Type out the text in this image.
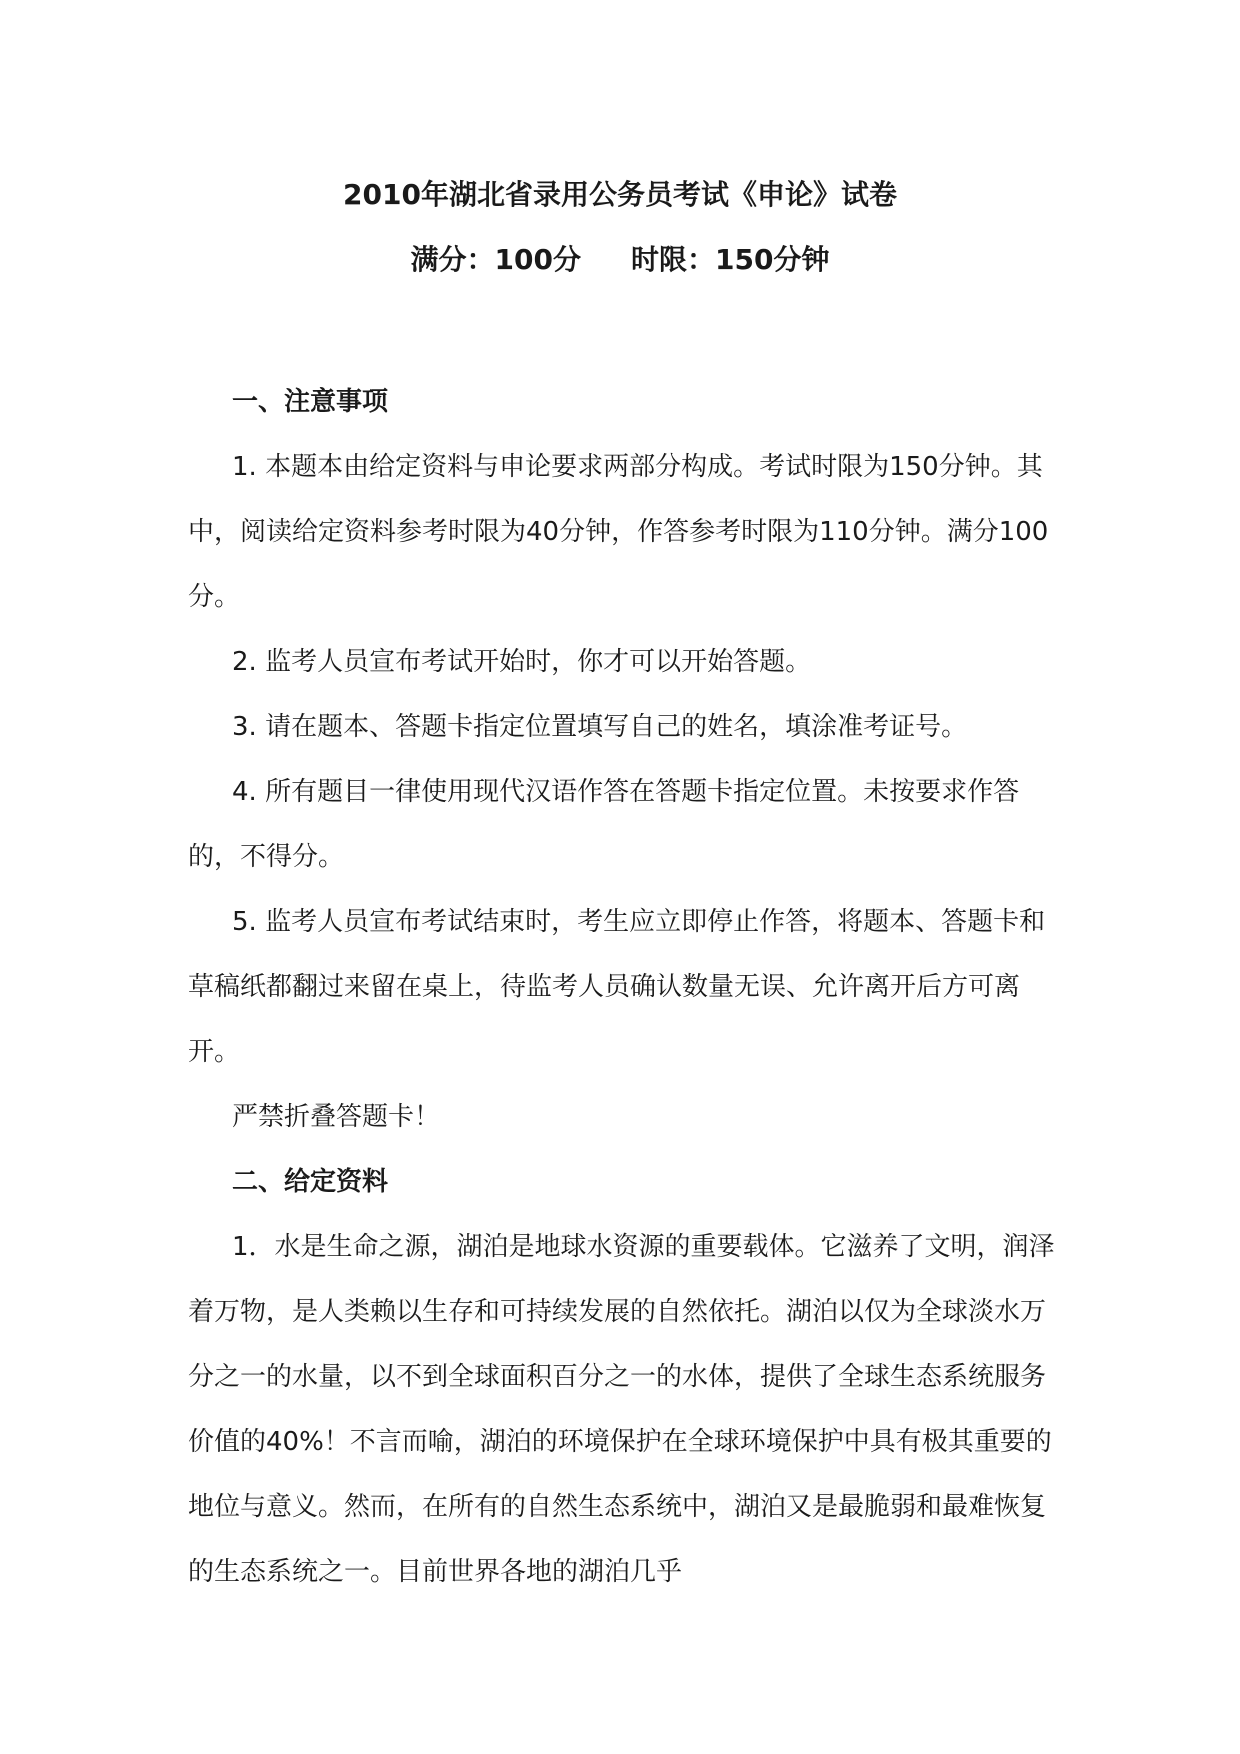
2010年湖北省录用公务员考试《申论》试卷
满分：100分 时限：150分钟

一、注意事项

1. 本题本由给定资料与申论要求两部分构成。考试时限为150分钟。其中，阅读给定资料参考时限为40分钟，作答参考时限为110分钟。满分100分。

2. 监考人员宣布考试开始时，你才可以开始答题。

3. 请在题本、答题卡指定位置填写自己的姓名，填涂准考证号。

4. 所有题目一律使用现代汉语作答在答题卡指定位置。未按要求作答的，不得分。

5. 监考人员宣布考试结束时，考生应立即停止作答，将题本、答题卡和草稿纸都翻过来留在桌上，待监考人员确认数量无误、允许离开后方可离开。

严禁折叠答题卡！

二、给定资料

1．水是生命之源，湖泊是地球水资源的重要载体。它滋养了文明，润泽着万物，是人类赖以生存和可持续发展的自然依托。湖泊以仅为全球淡水万分之一的水量，以不到全球面积百分之一的水体，提供了全球生态系统服务价值的40%！不言而喻，湖泊的环境保护在全球环境保护中具有极其重要的地位与意义。然而，在所有的自然生态系统中，湖泊又是最脆弱和最难恢复的生态系统之一。目前世界各地的湖泊几乎
